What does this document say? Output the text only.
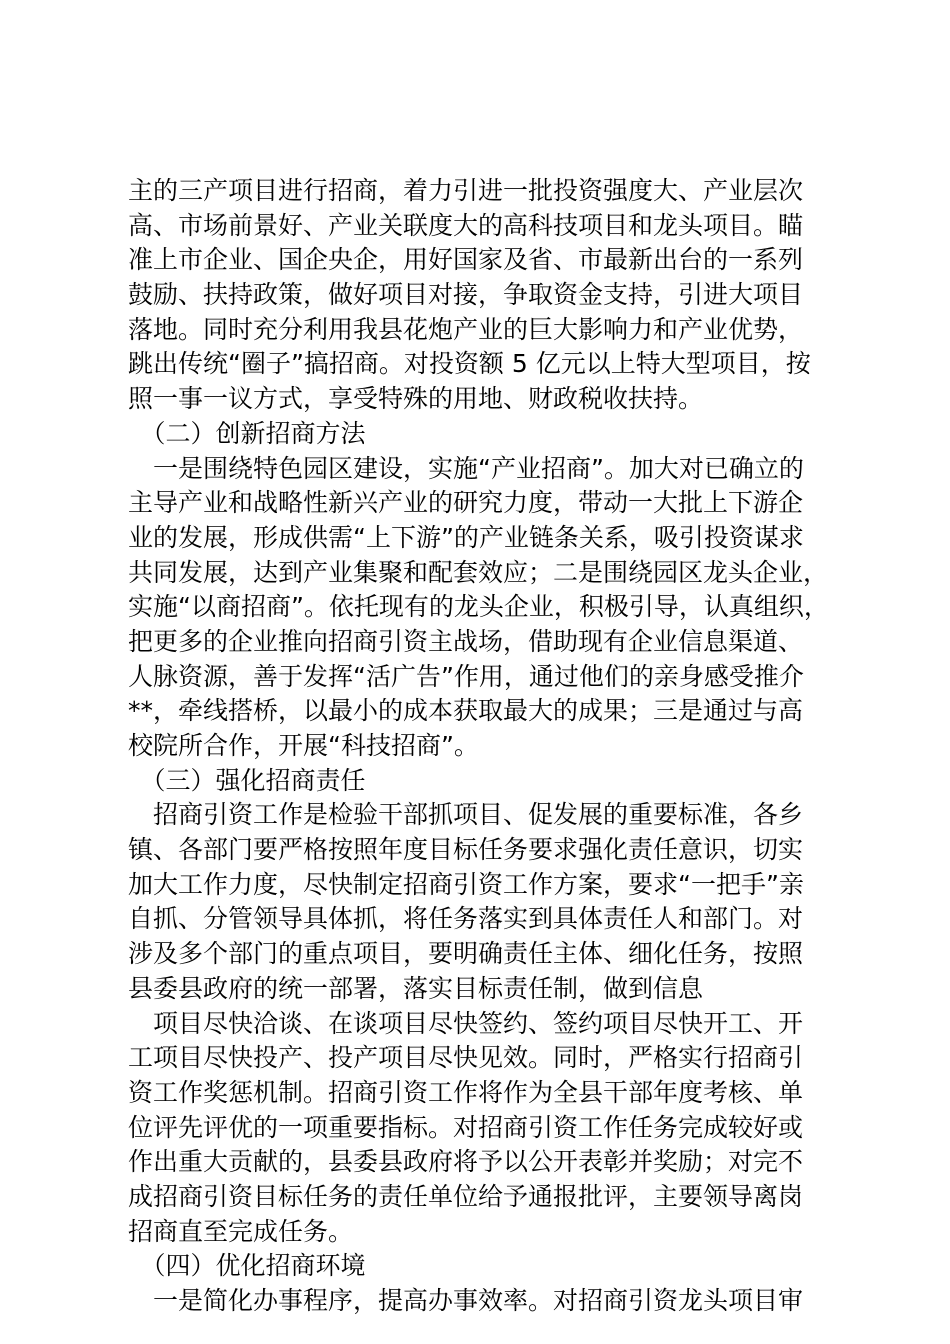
主的三产项目进行招商，着力引进一批投资强度大、产业层次
高、市场前景好、产业关联度大的高科技项目和龙头项目。瞄
准上市企业、国企央企，用好国家及省、市最新出台的一系列
鼓励、扶持政策，做好项目对接，争取资金支持，引进大项目
落地。同时充分利用我县花炮产业的巨大影响力和产业优势，
跳出传统“圈子”搞招商。对投资额 5 亿元以上特大型项目，按
照一事一议方式，享受特殊的用地、财政税收扶持。
　（二）创新招商方法
　一是围绕特色园区建设，实施“产业招商”。加大对已确立的
主导产业和战略性新兴产业的研究力度，带动一大批上下游企
业的发展，形成供需“上下游”的产业链条关系，吸引投资谋求
共同发展，达到产业集聚和配套效应；二是围绕园区龙头企业，
实施“以商招商”。依托现有的龙头企业，积极引导，认真组织，
把更多的企业推向招商引资主战场，借助现有企业信息渠道、
人脉资源，善于发挥“活广告”作用，通过他们的亲身感受推介
**，牵线搭桥，以最小的成本获取最大的成果；三是通过与高
校院所合作，开展“科技招商”。
　（三）强化招商责任
　招商引资工作是检验干部抓项目、促发展的重要标准，各乡
镇、各部门要严格按照年度目标任务要求强化责任意识，切实
加大工作力度，尽快制定招商引资工作方案，要求“一把手”亲
自抓、分管领导具体抓，将任务落实到具体责任人和部门。对
涉及多个部门的重点项目，要明确责任主体、细化任务，按照
县委县政府的统一部署，落实目标责任制，做到信息
　项目尽快洽谈、在谈项目尽快签约、签约项目尽快开工、开
工项目尽快投产、投产项目尽快见效。同时，严格实行招商引
资工作奖惩机制。招商引资工作将作为全县干部年度考核、单
位评先评优的一项重要指标。对招商引资工作任务完成较好或
作出重大贡献的，县委县政府将予以公开表彰并奖励；对完不
成招商引资目标任务的责任单位给予通报批评，主要领导离岗
招商直至完成任务。
　（四）优化招商环境
　一是简化办事程序，提高办事效率。对招商引资龙头项目审
